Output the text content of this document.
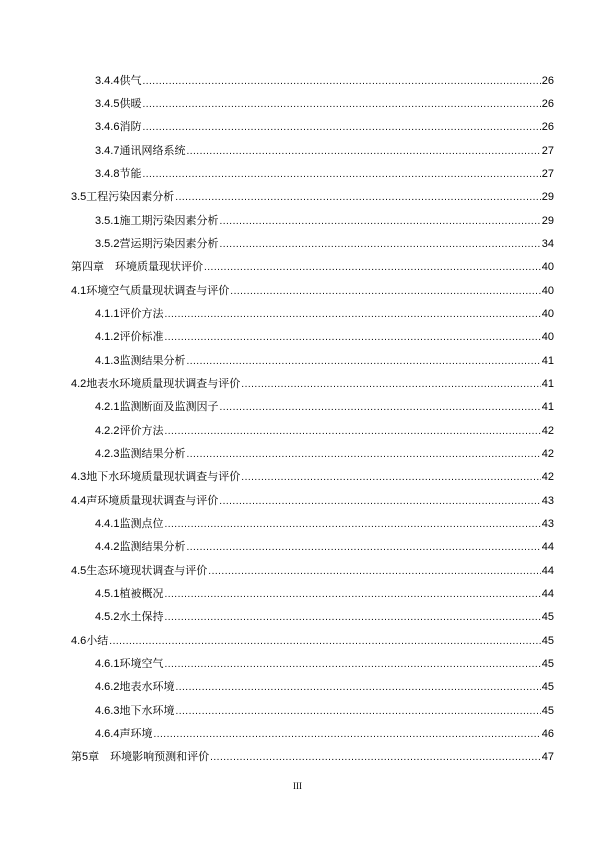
3.4.4供气 .....	26
3.4.5供暖 .....	26
3.4.6消防 .....	26
3.4.7通讯网络系统 .....	27
3.4.8节能 .....	27
3.5工程污染因素分析 .....	29
3.5.1施工期污染因素分析 .....	29
3.5.2营运期污染因素分析 .....	34
第四章　环境质量现状评价 .....	40
4.1环境空气质量现状调查与评价 .....	40
4.1.1评价方法 .....	40
4.1.2评价标准 .....	40
4.1.3监测结果分析 .....	41
4.2地表水环境质量现状调查与评价 .....	41
4.2.1监测断面及监测因子 .....	41
4.2.2评价方法 .....	42
4.2.3监测结果分析 .....	42
4.3地下水环境质量现状调查与评价 .....	42
4.4声环境质量现状调查与评价 .....	43
4.4.1监测点位 .....	43
4.4.2监测结果分析 .....	44
4.5生态环境现状调查与评价 .....	44
4.5.1植被概况 .....	44
4.5.2水土保持 .....	45
4.6小结 .....	45
4.6.1环境空气 .....	45
4.6.2地表水环境 .....	45
4.6.3地下水环境 .....	45
4.6.4声环境 .....	46
第5章　环境影响预测和评价 .....	47
III
